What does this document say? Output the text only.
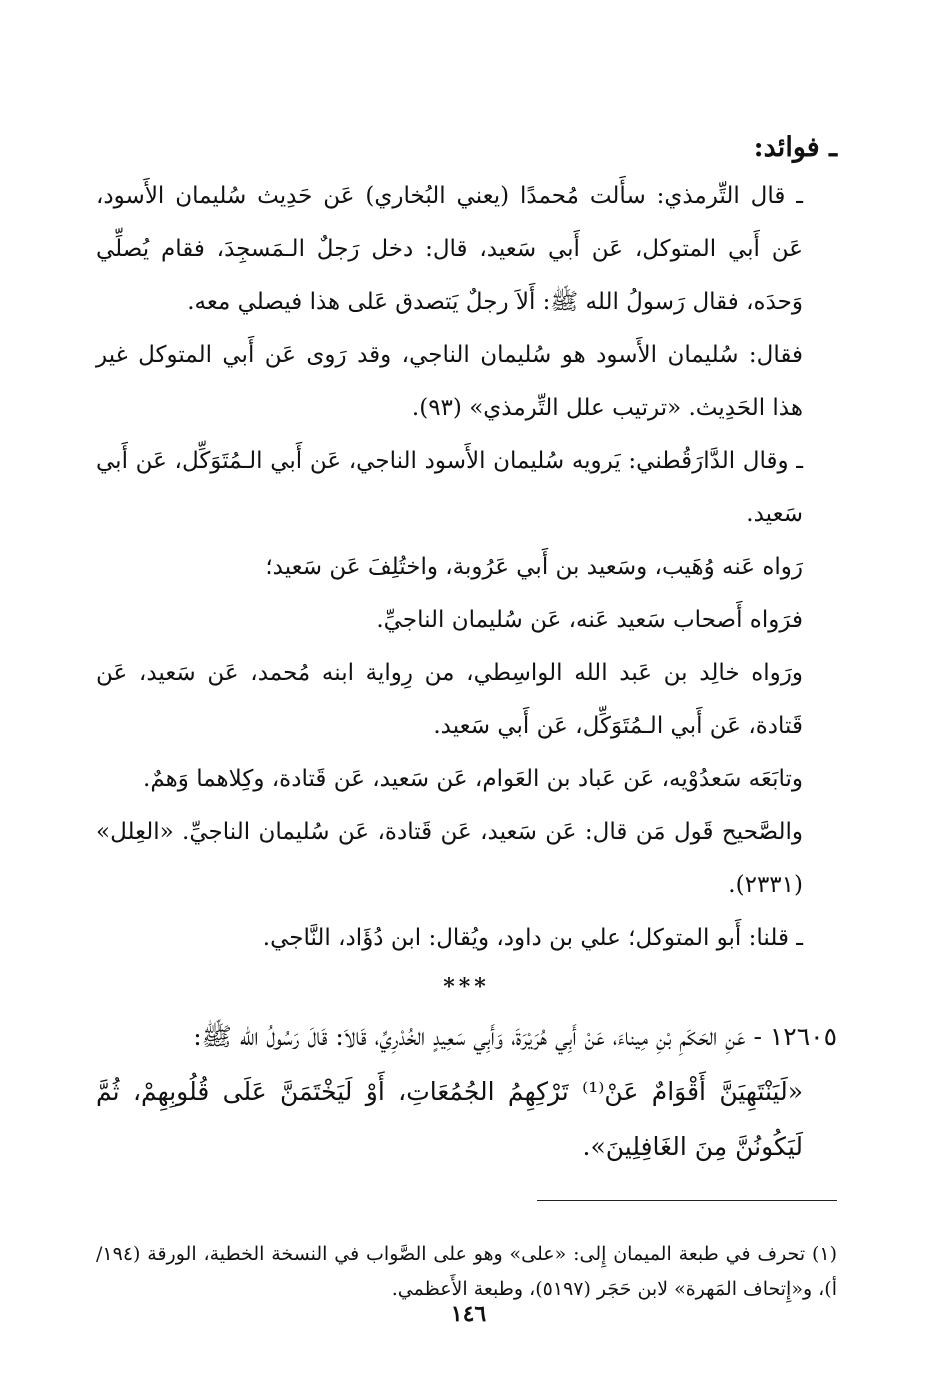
ـ فوائد:

ـ قال التِّرمذي: سأَلت مُحمدًا (يعني البُخاري) عَن حَدِيث سُليمان الأَسود، عَن أَبي المتوكل، عَن أَبي سَعيد، قال: دخل رَجلٌ الـمَسجِدَ، فقام يُصلِّي وَحدَه، فقال رَسولُ الله ﷺ: أَلاَ رجلٌ يَتصدق عَلى هذا فيصلي معه.

فقال: سُليمان الأَسود هو سُليمان الناجي، وقد رَوى عَن أَبي المتوكل غير هذا الحَدِيث. «ترتيب علل التِّرمذي» (٩٣).

ـ وقال الدَّارَقُطني: يَرويه سُليمان الأَسود الناجي، عَن أَبي الـمُتَوَكِّل، عَن أَبي سَعيد.

رَواه عَنه وُهَيب، وسَعيد بن أَبي عَرُوبة، واختُلِفَ عَن سَعيد؛

فرَواه أَصحاب سَعيد عَنه، عَن سُليمان الناجيِّ.

ورَواه خالِد بن عَبد الله الواسِطي، من رِواية ابنه مُحمد، عَن سَعيد، عَن قَتادة، عَن أَبي الـمُتَوَكِّل، عَن أَبي سَعيد.

وتابَعَه سَعدُوْيه، عَن عَباد بن العَوام، عَن سَعيد، عَن قَتادة، وكِلاهما وَهمٌ.

والصَّحيح قَول مَن قال: عَن سَعيد، عَن قَتادة، عَن سُليمان الناجيِّ. «العِلل» (٢٣٣١).

ـ قلنا: أَبو المتوكل؛ علي بن داود، ويُقال: ابن دُؤَاد، النَّاجي.

***

١٢٦٠٥ - عَنِ الحَكَمِ بْنِ مِيناءَ، عَنْ أَبِي هُرَيْرَةَ، وَأَبِي سَعِيدٍ الخُدْرِيِّ، قَالاَ: قَالَ رَسُولُ الله ﷺ:

«لَيَنْتَهِيَنَّ أَقْوَامٌ عَنْ⁽¹⁾ تَرْكِهِمُ الجُمُعَاتِ، أَوْ لَيَخْتَمَنَّ عَلَى قُلُوبِهِمْ، ثُمَّ لَيَكُونُنَّ مِنَ الغَافِلِينَ».

(١) تحرف في طبعة الميمان إِلى: «على» وهو على الصَّواب في النسخة الخطية، الورقة (١٩٤/أ)، و«إِتحاف المَهرة» لابن حَجَر (٥١٩٧)، وطبعة الأَعظمي.

١٤٦
